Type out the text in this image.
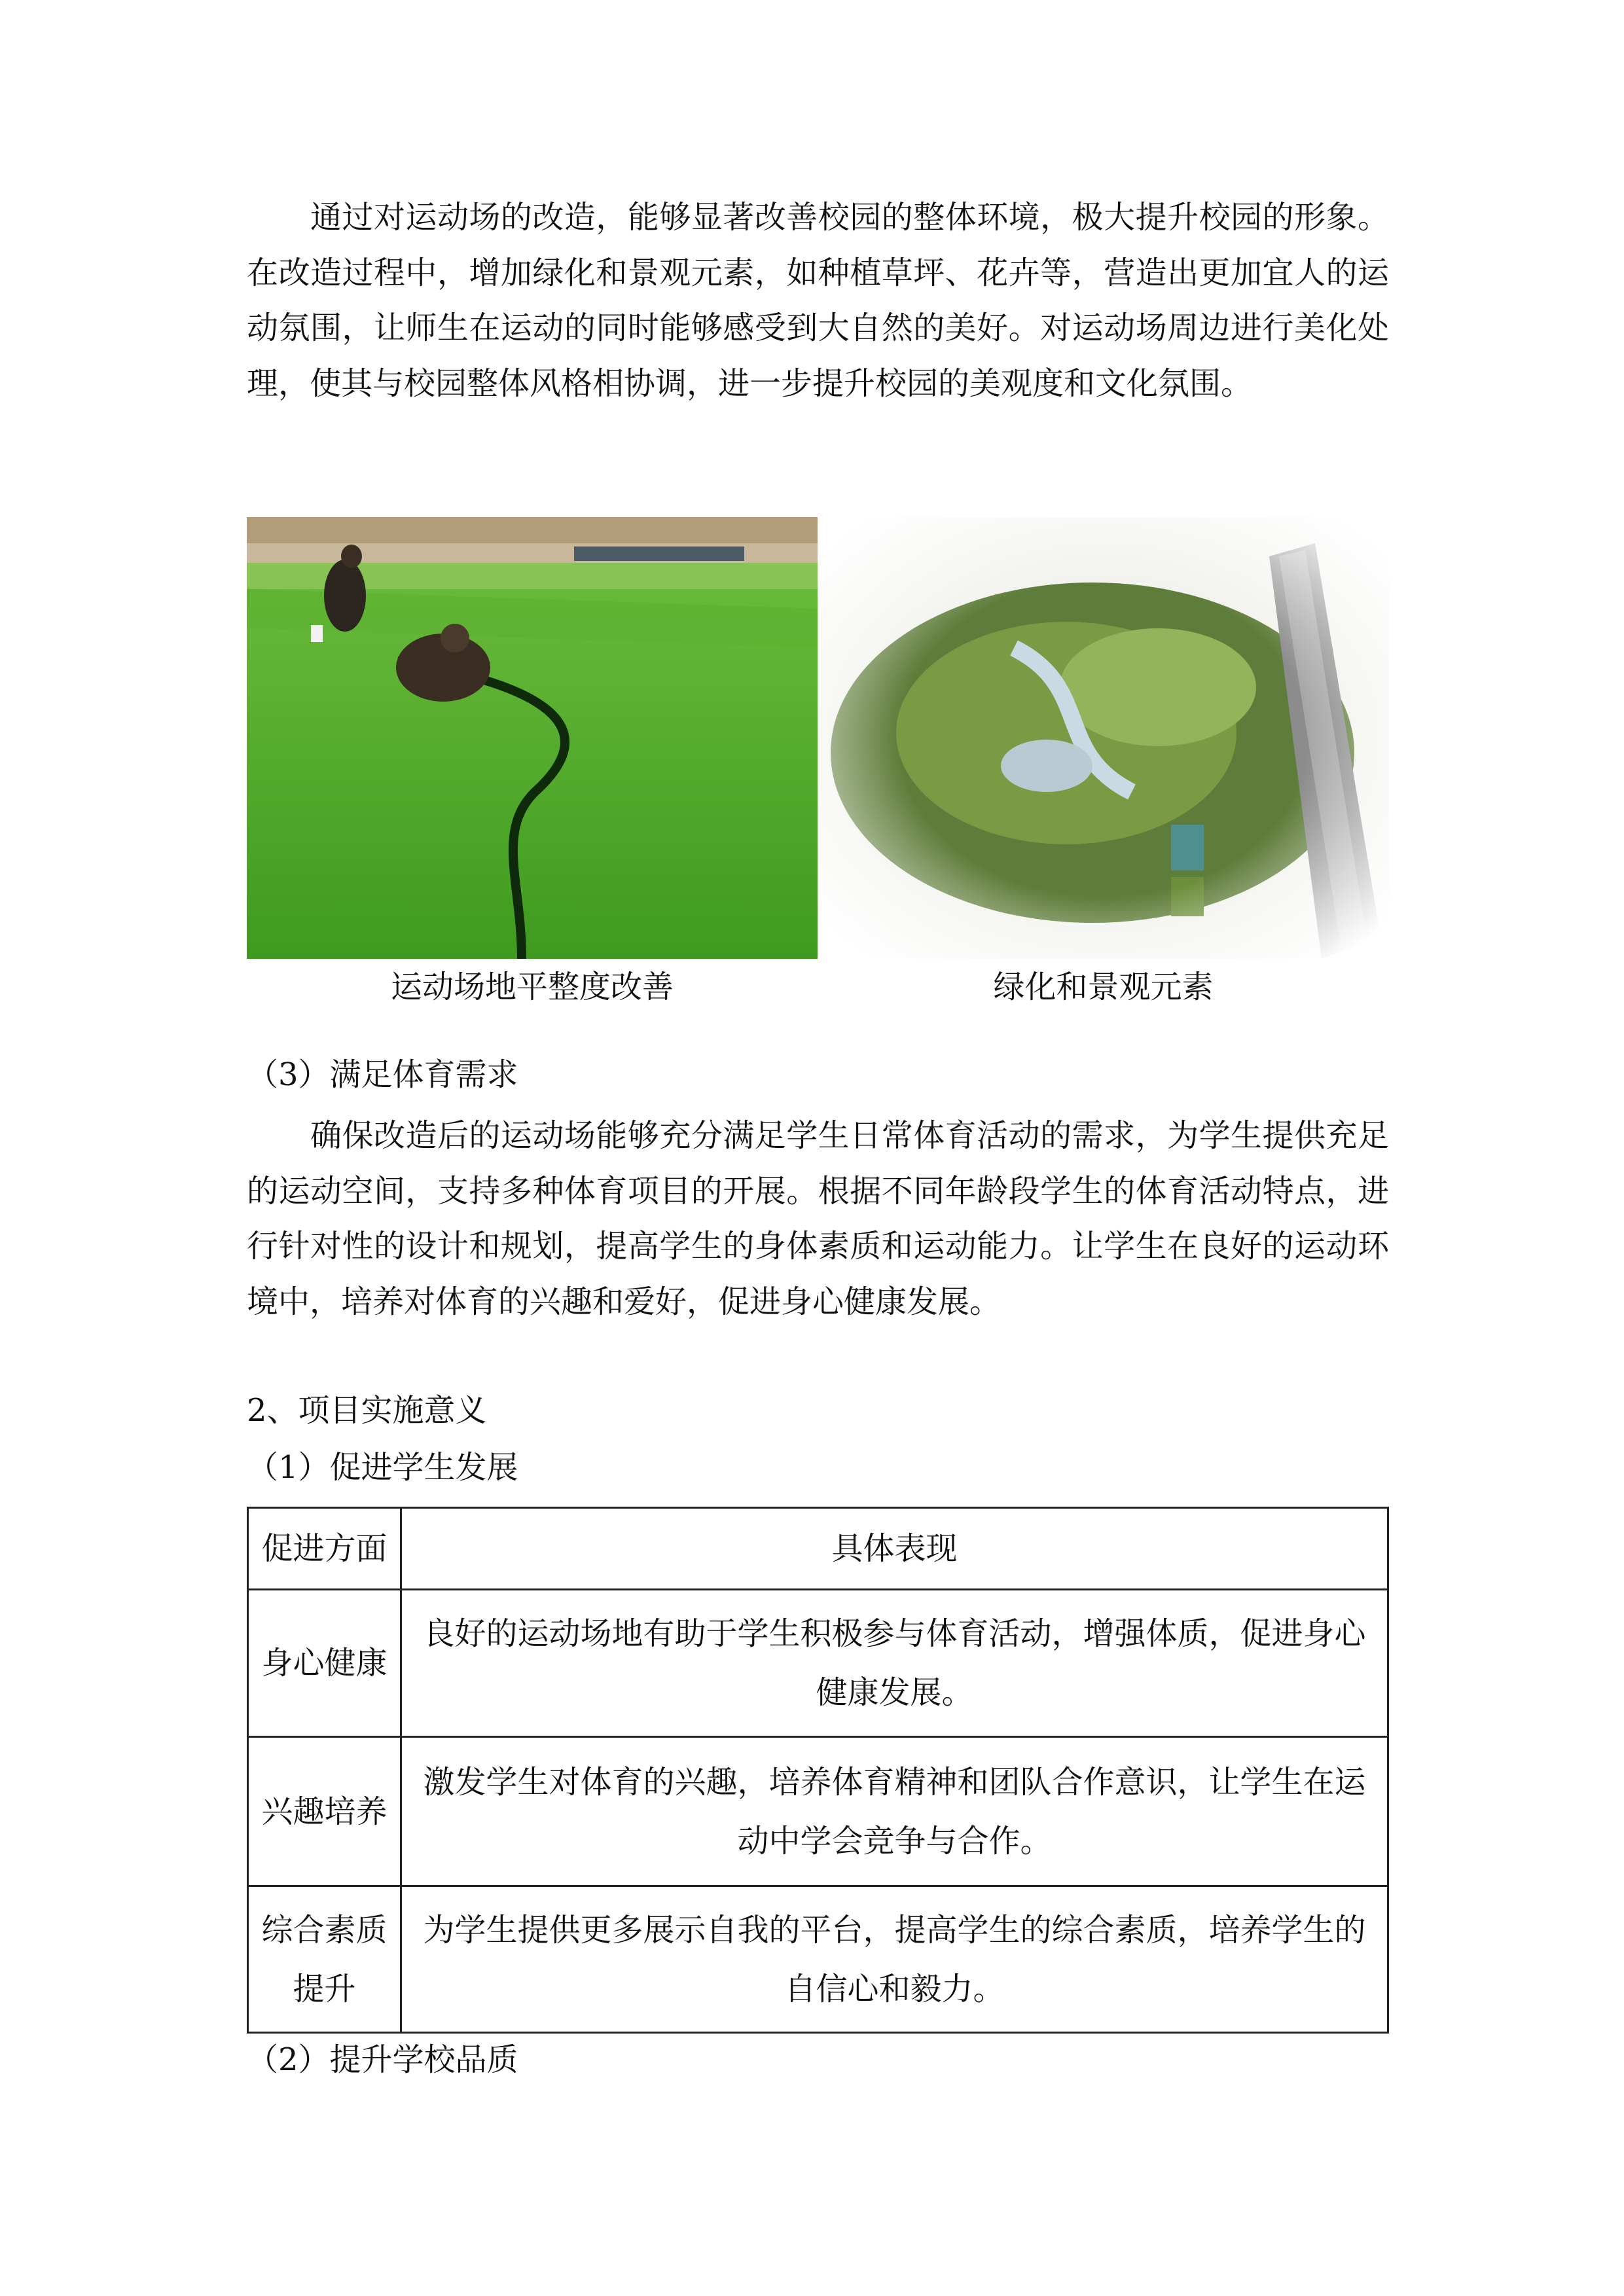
通过对运动场的改造，能够显著改善校园的整体环境，极大提升校园的形象。在改造过程中，增加绿化和景观元素，如种植草坪、花卉等，营造出更加宜人的运动氛围，让师生在运动的同时能够感受到大自然的美好。对运动场周边进行美化处理，使其与校园整体风格相协调，进一步提升校园的美观度和文化氛围。

运动场地平整度改善	绿化和景观元素

（3）满足体育需求

确保改造后的运动场能够充分满足学生日常体育活动的需求，为学生提供充足的运动空间，支持多种体育项目的开展。根据不同年龄段学生的体育活动特点，进行针对性的设计和规划，提高学生的身体素质和运动能力。让学生在良好的运动环境中，培养对体育的兴趣和爱好，促进身心健康发展。

2、项目实施意义

（1）促进学生发展

促进方面	具体表现
身心健康	良好的运动场地有助于学生积极参与体育活动，增强体质，促进身心健康发展。
兴趣培养	激发学生对体育的兴趣，培养体育精神和团队合作意识，让学生在运动中学会竞争与合作。
综合素质提升	为学生提供更多展示自我的平台，提高学生的综合素质，培养学生的自信心和毅力。

（2）提升学校品质
